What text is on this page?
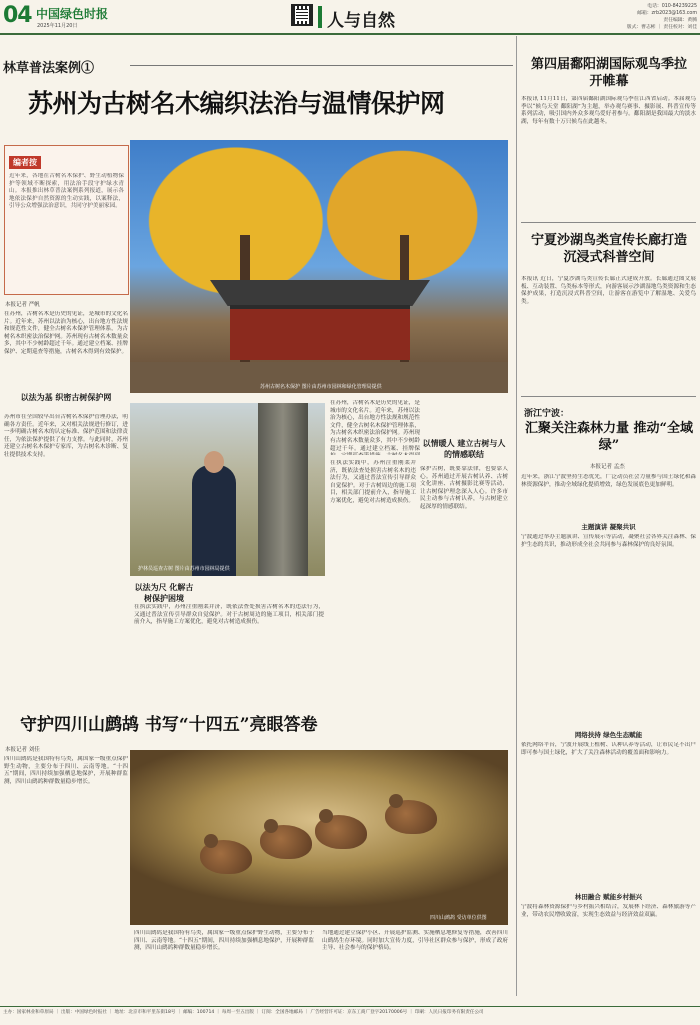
04 中国绿色时报
2025年11月20日	人与自然
电话：010-84239225
邮箱：zrb2023@163.com
责任编辑：黄腾
版式：曹志彬 ｜ 责任校对：刘佳
林草普法案例①
苏州为古树名木编织法治与温情保护网
编者按
近年来，各地在古树名木保护、野生动植物保护等领域不断探索，用法治手段守护绿水青山。本报推出林草普法案例系列报道，展示各地依法保护自然资源的生动实践，以案释法，引导公众增强法治意识，共同守护美丽家园。
苏州古树名木保护 图片由苏州市园林和绿化管理局提供
本报记者 严帆
在苏州，古树名木是历史的见证，是城市的文化名片。近年来，苏州以法治为核心，出台地方性法规和规范性文件，健全古树名木保护管理体系，为古树名木织密法治保护网。苏州现有古树名木数量众多，其中不少树龄超过千年。通过建立档案、挂牌保护、定期巡查等措施，古树名木得到有效保护。
以法为基 织密古树保护网
苏州市在全国较早出台古树名木保护管理办法，明确各方责任。近年来，又对相关法规进行修订，进一步明确古树名木的认定标准、保护范围和法律责任，为依法保护提供了有力支撑。与此同时，苏州还建立古树名木保护专家库，为古树名木诊断、复壮提供技术支持。
护林员巡查古树 图片由苏州市园林局提供
以法为尺 化解古树保护困境
在执法实践中，苏州注重刚柔并济，既依法查处损害古树名木的违法行为，又通过普法宣传引导群众自觉保护。对于古树周边的施工项目，相关部门提前介入，指导施工方案优化，避免对古树造成损伤。
在苏州，古树名木是历史的见证，是城市的文化名片。近年来，苏州以法治为核心，出台地方性法规和规范性文件，健全古树名木保护管理体系，为古树名木织密法治保护网。苏州现有古树名木数量众多，其中不少树龄超过千年。通过建立档案、挂牌保
以情暖人 建立古树与人的情感联结
保护古树，既要靠法律，也要靠人心。苏州通过开展古树认养、古树文化讲座、古树摄影比赛等活动，让古树保护理念深入人心。许多市民主动参与古树认养，与古树建立起深厚的情感联结。
在执法实践中，苏州注重刚柔并济，既依法查处损害古树名木的违法行为，又通过普法宣传引导群众自觉保护。对于古树周边的施工项目，相关部门提前介入，指导施工方案优化，避免对古树造成损伤。
守护四川山鹧鸪 书写“十四五”亮眼答卷
本报记者 刘佳
四川山鹧鸪是我国特有鸟类，属国家一级重点保护野生动物，主要分布于四川、云南等地。“十四五”期间，四川持续加强栖息地保护，开展种群监测，四川山鹧鸪种群数量稳步增长。
四川山鹧鸪 受访单位供图
四川山鹧鸪是我国特有鸟类，属国家一级重点保护野生动物，主要分布于四川、云南等地。“十四五”期间，四川持续加强栖息地保护，开展种群监测，四川山鹧鸪种群数量稳步增长。
当地通过建立保护小区、开展巡护监测、实施栖息地修复等措施，改善四川山鹧鸪生存环境。同时加大宣传力度，引导社区群众参与保护，形成了政府主导、社会参与的保护格局。
第四届鄱阳湖国际观鸟季拉开帷幕
本报讯 11月11日，第四届鄱阳湖国际观鸟季在江西省启动。本届观鸟季以“候鸟天堂 鄱阳湖”为主题，举办观鸟赛事、摄影展、科普宣传等系列活动，吸引国内外众多观鸟爱好者参与。鄱阳湖是我国最大的淡水湖，每年有数十万只候鸟在此越冬。
宁夏沙湖鸟类宣传长廊打造沉浸式科普空间
本报讯 近日，宁夏沙湖鸟类宣传长廊正式建成开放。长廊通过图文展板、互动装置、鸟类标本等形式，向游客展示沙湖湿地鸟类资源和生态保护成果，打造沉浸式科普空间，让游客在游览中了解湿地、关爱鸟类。
浙江宁波：
汇聚关注森林力量 推动“全域绿”
本报记者 孟杰
近年来，浙江宁波坚持生态优先，广泛动员社会力量参与国土绿化和森林资源保护，推动全域绿化提质增效，绿色发展底色更加鲜明。
主题演讲 凝聚共识
宁波通过举办主题演讲、宣传展示等活动，凝聚社会各界关注森林、保护生态的共识，推动形成全社会共同参与森林保护的良好氛围。
网络扶持 绿色生态赋能
依托网络平台，宁波开展线上植树、认种认养等活动，让市民足不出户即可参与国土绿化，扩大了关注森林活动的覆盖面和影响力。
林田融合 赋能乡村振兴
宁波将森林资源保护与乡村振兴相结合，发展林下经济、森林旅游等产业，带动农民增收致富，实现生态效益与经济效益双赢。
主办：国家林业和草原局 ｜ 出版：中国绿色时报社 ｜ 地址：北京市和平里东街18号 ｜ 邮编：100714 ｜ 每周一至五出版 ｜ 订阅：全国各地邮局 ｜ 广告经营许可证：京东工商广登字20170006号 ｜ 印刷：人民日报印务有限责任公司
